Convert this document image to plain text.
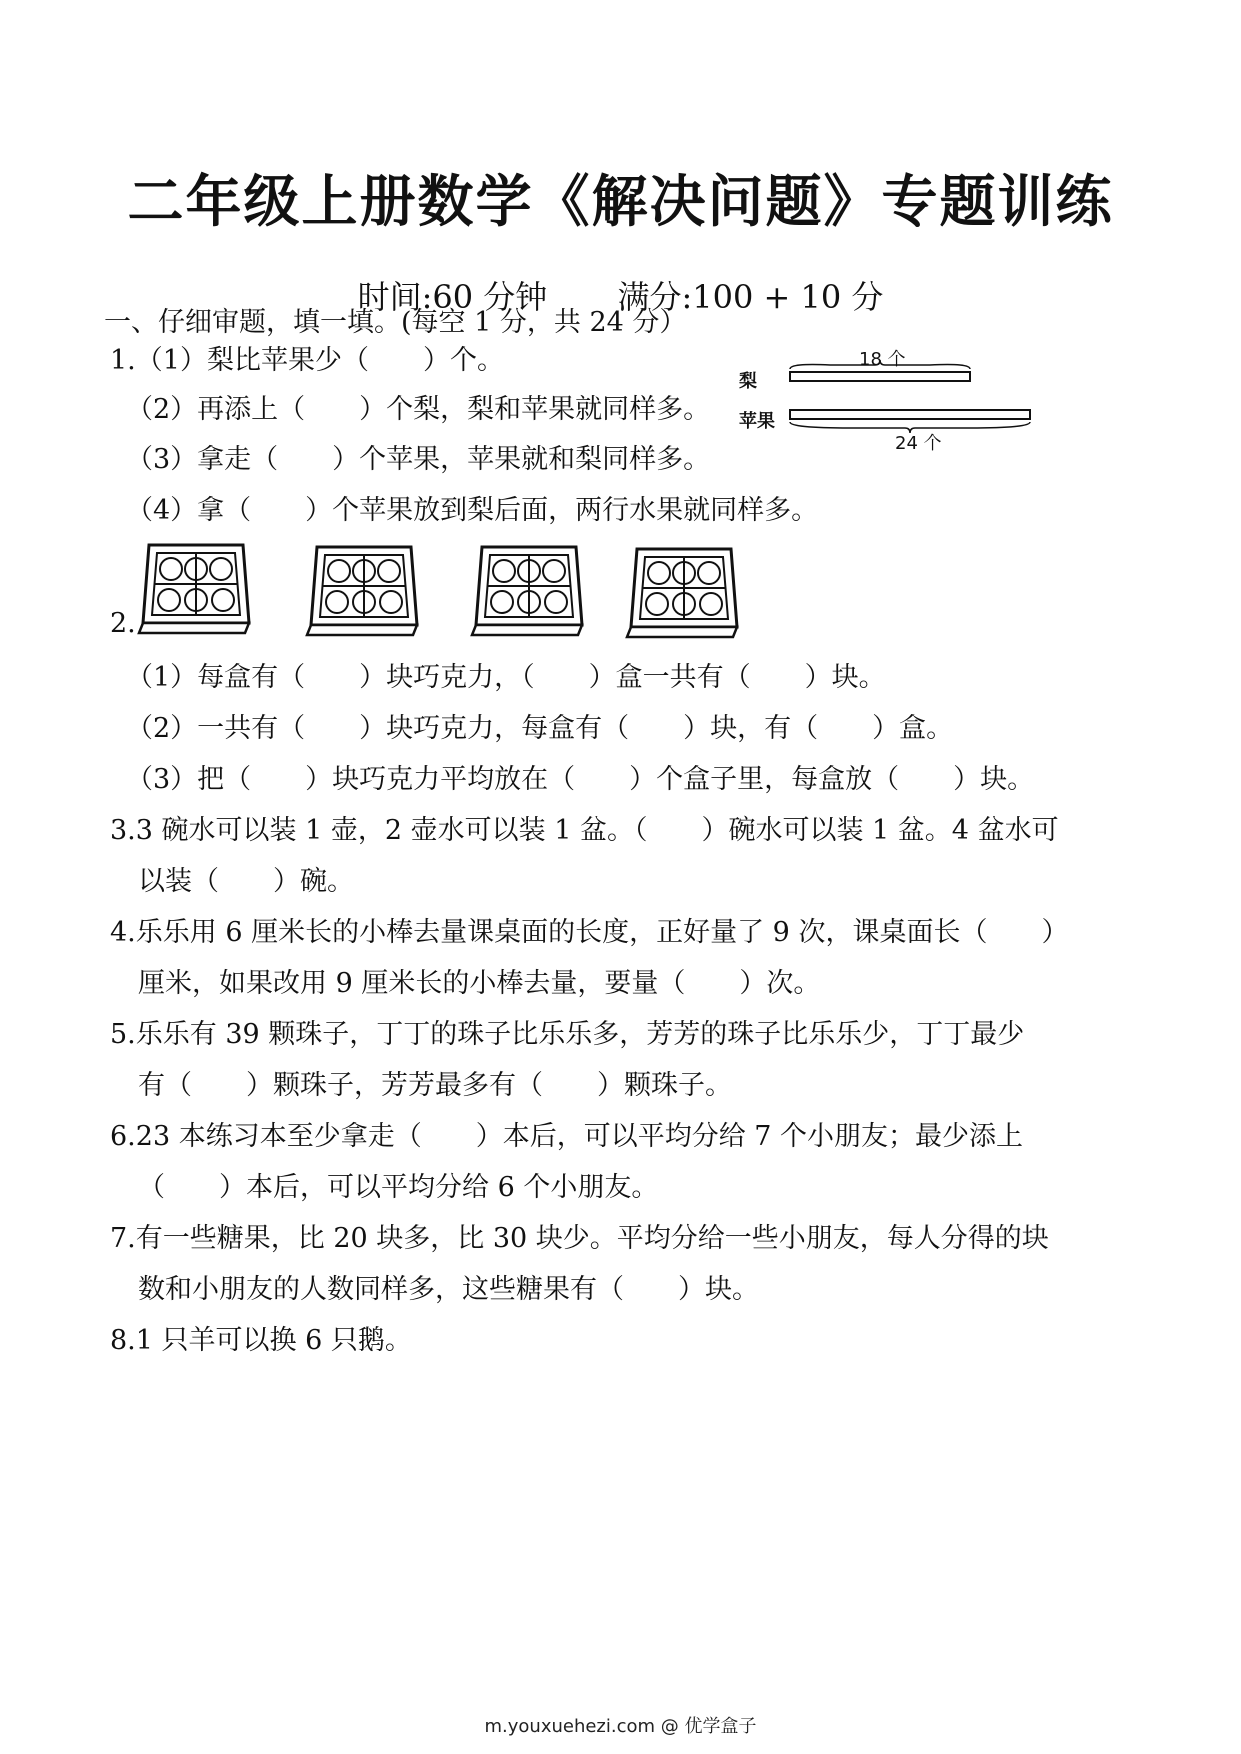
二年级上册数学《解决问题》专题训练
时间:60 分钟 满分:100 + 10 分
一、仔细审题，填一填。(每空 1 分，共 24 分）
1.（1）梨比苹果少（　　）个。
（2）再添上（　　）个梨，梨和苹果就同样多。
（3）拿走（　　）个苹果，苹果就和梨同样多。
（4）拿（　　）个苹果放到梨后面，两行水果就同样多。
18 个
梨
苹果
24 个
2.
（1）每盒有（　　）块巧克力，（　　）盒一共有（　　）块。
（2）一共有（　　）块巧克力，每盒有（　　）块，有（　　）盒。
（3）把（　　）块巧克力平均放在（　　）个盒子里，每盒放（　　）块。
3.3 碗水可以装 1 壶，2 壶水可以装 1 盆。（　　）碗水可以装 1 盆。4 盆水可
以装（　　）碗。
4.乐乐用 6 厘米长的小棒去量课桌面的长度，正好量了 9 次，课桌面长（　　）
厘米，如果改用 9 厘米长的小棒去量，要量（　　）次。
5.乐乐有 39 颗珠子，丁丁的珠子比乐乐多，芳芳的珠子比乐乐少，丁丁最少
有（　　）颗珠子，芳芳最多有（　　）颗珠子。
6.23 本练习本至少拿走（　　）本后，可以平均分给 7 个小朋友；最少添上
（　　）本后，可以平均分给 6 个小朋友。
7.有一些糖果，比 20 块多，比 30 块少。平均分给一些小朋友，每人分得的块
数和小朋友的人数同样多，这些糖果有（　　）块。
8.1 只羊可以换 6 只鹅。
m.youxuehezi.com @ 优学盒子
